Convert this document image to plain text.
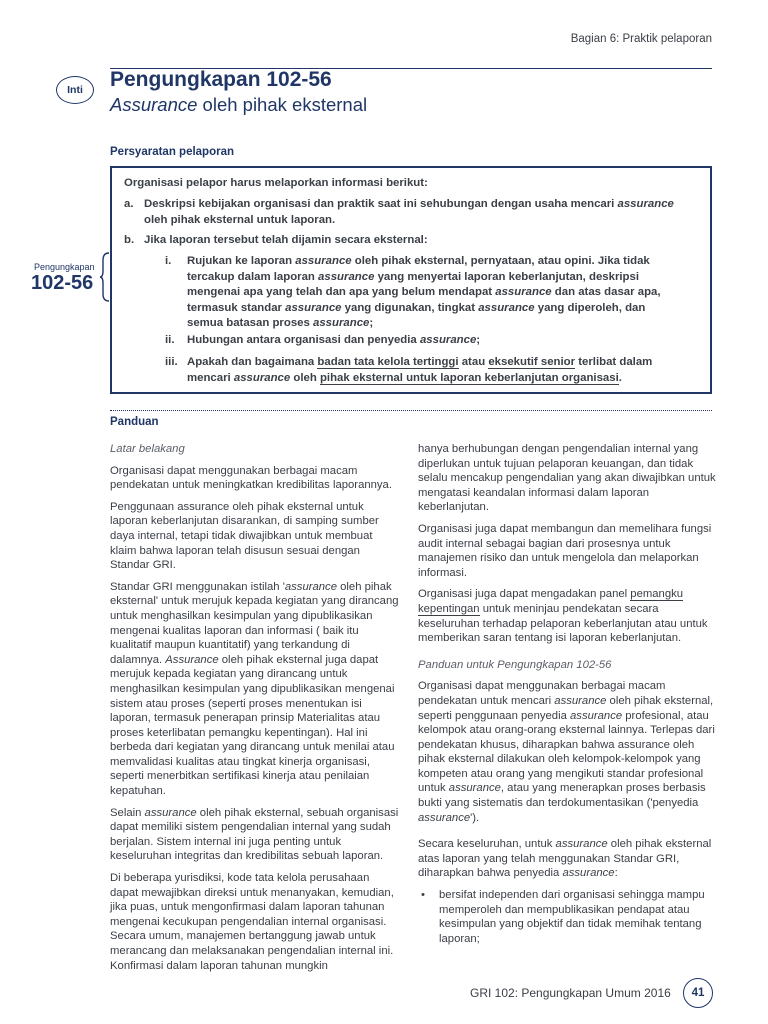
Bagian 6: Praktik pelaporan
Inti	Pengungkapan 102-56
Assurance oleh pihak eksternal
Persyaratan pelaporan
Pengungkapan
102-56
Organisasi pelapor harus melaporkan informasi berikut:
a. Deskripsi kebijakan organisasi dan praktik saat ini sehubungan dengan usaha mencari assurance oleh pihak eksternal untuk laporan.
b. Jika laporan tersebut telah dijamin secara eksternal:
i. Rujukan ke laporan assurance oleh pihak eksternal, pernyataan, atau opini. Jika tidak tercakup dalam laporan assurance yang menyertai laporan keberlanjutan, deskripsi mengenai apa yang telah dan apa yang belum mendapat assurance dan atas dasar apa, termasuk standar assurance yang digunakan, tingkat assurance yang diperoleh, dan semua batasan proses assurance;
ii. Hubungan antara organisasi dan penyedia assurance;
iii. Apakah dan bagaimana badan tata kelola tertinggi atau eksekutif senior terlibat dalam mencari assurance oleh pihak eksternal untuk laporan keberlanjutan organisasi.
Panduan

Latar belakang

Organisasi dapat menggunakan berbagai macam pendekatan untuk meningkatkan kredibilitas laporannya.

Penggunaan assurance oleh pihak eksternal untuk laporan keberlanjutan disarankan, di samping sumber daya internal, tetapi tidak diwajibkan untuk membuat klaim bahwa laporan telah disusun sesuai dengan Standar GRI.

Standar GRI menggunakan istilah 'assurance oleh pihak eksternal' untuk merujuk kepada kegiatan yang dirancang untuk menghasilkan kesimpulan yang dipublikasikan mengenai kualitas laporan dan informasi ( baik itu kualitatif maupun kuantitatif) yang terkandung di dalamnya. Assurance oleh pihak eksternal juga dapat merujuk kepada kegiatan yang dirancang untuk menghasilkan kesimpulan yang dipublikasikan mengenai sistem atau proses (seperti proses menentukan isi laporan, termasuk penerapan prinsip Materialitas atau proses keterlibatan pemangku kepentingan). Hal ini berbeda dari kegiatan yang dirancang untuk menilai atau memvalidasi kualitas atau tingkat kinerja organisasi, seperti menerbitkan sertifikasi kinerja atau penilaian kepatuhan.

Selain assurance oleh pihak eksternal, sebuah organisasi dapat memiliki sistem pengendalian internal yang sudah berjalan. Sistem internal ini juga penting untuk keseluruhan integritas dan kredibilitas sebuah laporan.

Di beberapa yurisdiksi, kode tata kelola perusahaan dapat mewajibkan direksi untuk menanyakan, kemudian, jika puas, untuk mengonfirmasi dalam laporan tahunan mengenai kecukupan pengendalian internal organisasi. Secara umum, manajemen bertanggung jawab untuk merancang dan melaksanakan pengendalian internal ini. Konfirmasi dalam laporan tahunan mungkin

hanya berhubungan dengan pengendalian internal yang diperlukan untuk tujuan pelaporan keuangan, dan tidak selalu mencakup pengendalian yang akan diwajibkan untuk mengatasi keandalan informasi dalam laporan keberlanjutan.

Organisasi juga dapat membangun dan memelihara fungsi audit internal sebagai bagian dari prosesnya untuk manajemen risiko dan untuk mengelola dan melaporkan informasi.

Organisasi juga dapat mengadakan panel pemangku kepentingan untuk meninjau pendekatan secara keseluruhan terhadap pelaporan keberlanjutan atau untuk memberikan saran tentang isi laporan keberlanjutan.

Panduan untuk Pengungkapan 102-56

Organisasi dapat menggunakan berbagai macam pendekatan untuk mencari assurance oleh pihak eksternal, seperti penggunaan penyedia assurance profesional, atau kelompok atau orang-orang eksternal lainnya. Terlepas dari pendekatan khusus, diharapkan bahwa assurance oleh pihak eksternal dilakukan oleh kelompok-kelompok yang kompeten atau orang yang mengikuti standar profesional untuk assurance, atau yang menerapkan proses berbasis bukti yang sistematis dan terdokumentasikan ('penyedia assurance').

Secara keseluruhan, untuk assurance oleh pihak eksternal atas laporan yang telah menggunakan Standar GRI, diharapkan bahwa penyedia assurance:

• bersifat independen dari organisasi sehingga mampu memperoleh dan mempublikasikan pendapat atau kesimpulan yang objektif dan tidak memihak tentang laporan;

GRI 102: Pengungkapan Umum 2016	41
